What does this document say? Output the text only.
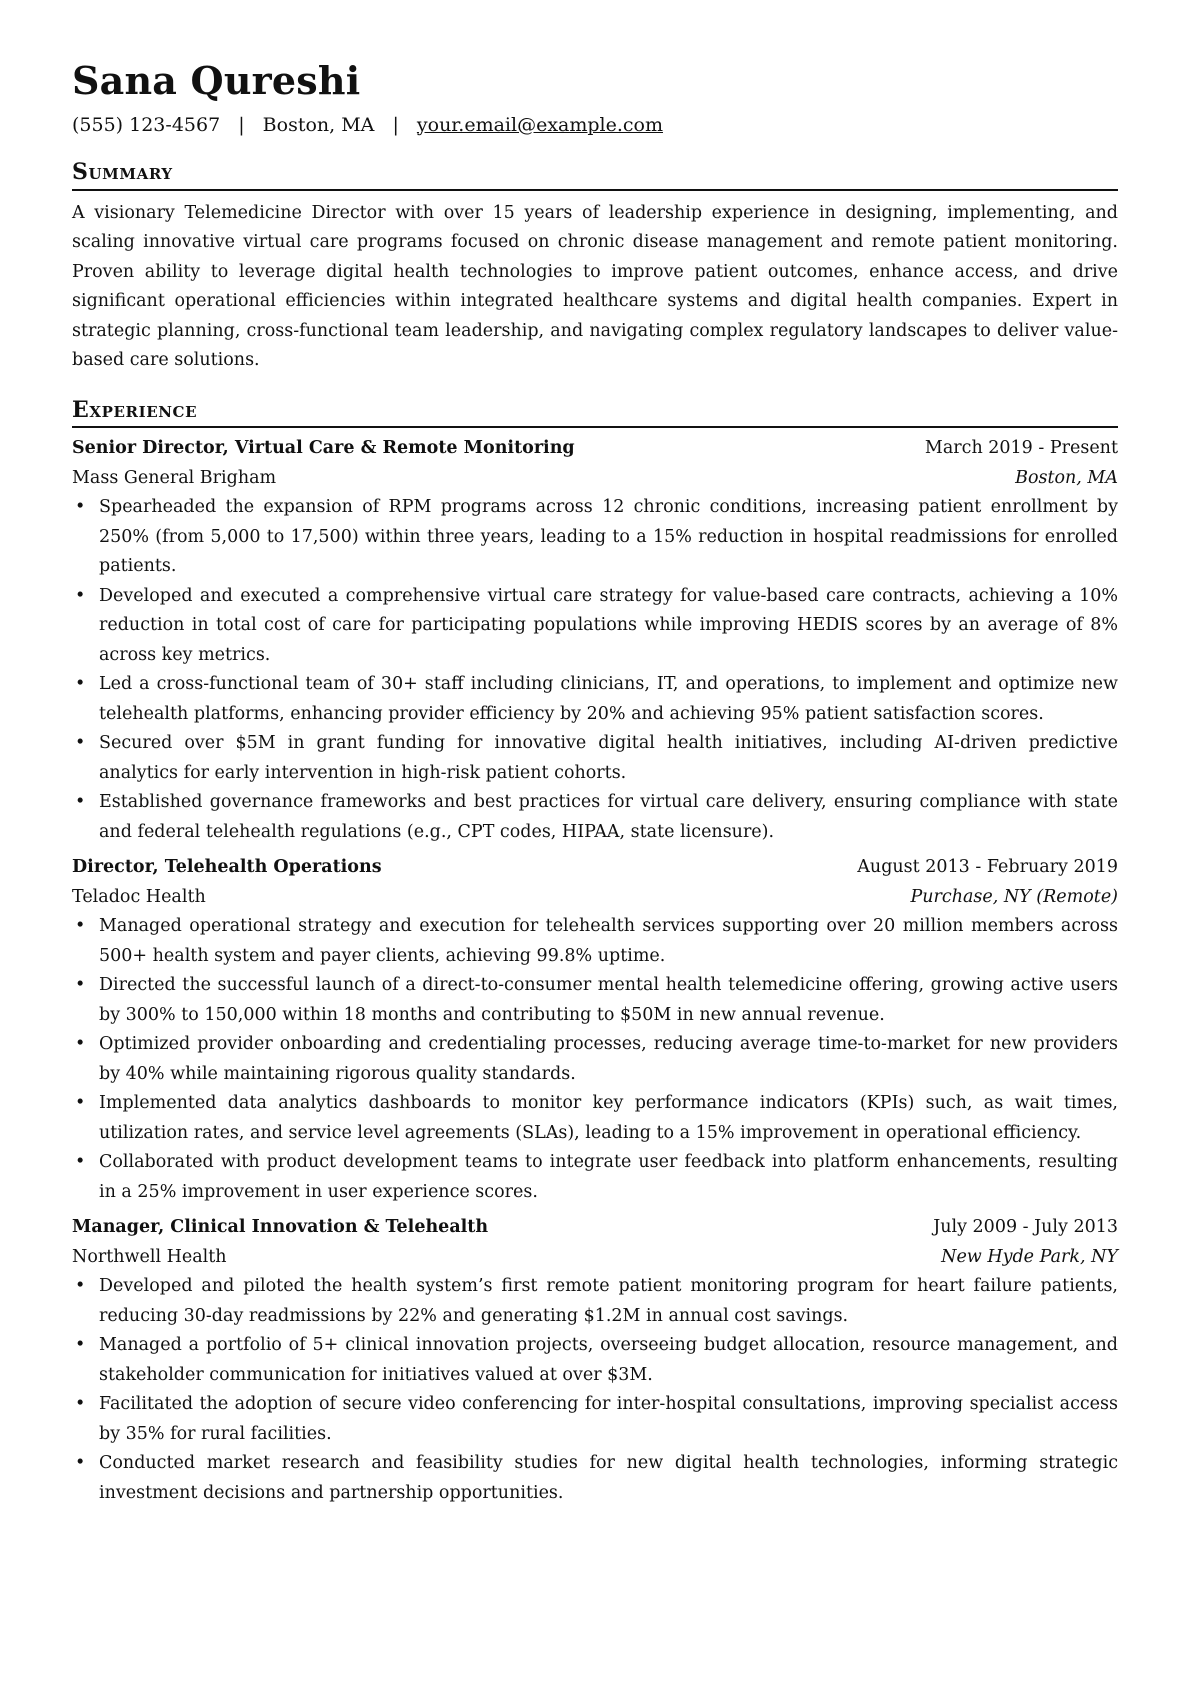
Sana Qureshi
(555) 123-4567 | Boston, MA | your.email@example.com
Summary

A visionary Telemedicine Director with over 15 years of leadership experience in designing, implementing, and scaling innovative virtual care programs focused on chronic disease management and remote patient monitoring. Proven ability to leverage digital health technologies to improve patient outcomes, enhance access, and drive significant operational efficiencies within integrated healthcare systems and digital health companies. Expert in strategic planning, cross-functional team leadership, and navigating complex regulatory landscapes to deliver value-based care solutions.

Experience
Senior Director, Virtual Care & Remote Monitoring	March 2019 - Present
Mass General Brigham	Boston, MA
• Spearheaded the expansion of RPM programs across 12 chronic conditions, increasing patient enrollment by 250% (from 5,000 to 17,500) within three years, leading to a 15% reduction in hospital readmissions for enrolled patients.
• Developed and executed a comprehensive virtual care strategy for value-based care contracts, achieving a 10% reduction in total cost of care for participating populations while improving HEDIS scores by an average of 8% across key metrics.
• Led a cross-functional team of 30+ staff including clinicians, IT, and operations, to implement and optimize new telehealth platforms, enhancing provider efficiency by 20% and achieving 95% patient satisfaction scores.
• Secured over $5M in grant funding for innovative digital health initiatives, including AI-driven predictive analytics for early intervention in high-risk patient cohorts.
• Established governance frameworks and best practices for virtual care delivery, ensuring compliance with state and federal telehealth regulations (e.g., CPT codes, HIPAA, state licensure).
Director, Telehealth Operations	August 2013 - February 2019
Teladoc Health	Purchase, NY (Remote)
• Managed operational strategy and execution for telehealth services supporting over 20 million members across 500+ health system and payer clients, achieving 99.8% uptime.
• Directed the successful launch of a direct-to-consumer mental health telemedicine offering, growing active users by 300% to 150,000 within 18 months and contributing to $50M in new annual revenue.
• Optimized provider onboarding and credentialing processes, reducing average time-to-market for new providers by 40% while maintaining rigorous quality standards.
• Implemented data analytics dashboards to monitor key performance indicators (KPIs) such, as wait times, utilization rates, and service level agreements (SLAs), leading to a 15% improvement in operational efficiency.
• Collaborated with product development teams to integrate user feedback into platform enhancements, resulting in a 25% improvement in user experience scores.
Manager, Clinical Innovation & Telehealth	July 2009 - July 2013
Northwell Health	New Hyde Park, NY
• Developed and piloted the health system’s first remote patient monitoring program for heart failure patients, reducing 30-day readmissions by 22% and generating $1.2M in annual cost savings.
• Managed a portfolio of 5+ clinical innovation projects, overseeing budget allocation, resource management, and stakeholder communication for initiatives valued at over $3M.
• Facilitated the adoption of secure video conferencing for inter-hospital consultations, improving specialist access by 35% for rural facilities.
• Conducted market research and feasibility studies for new digital health technologies, informing strategic investment decisions and partnership opportunities.
